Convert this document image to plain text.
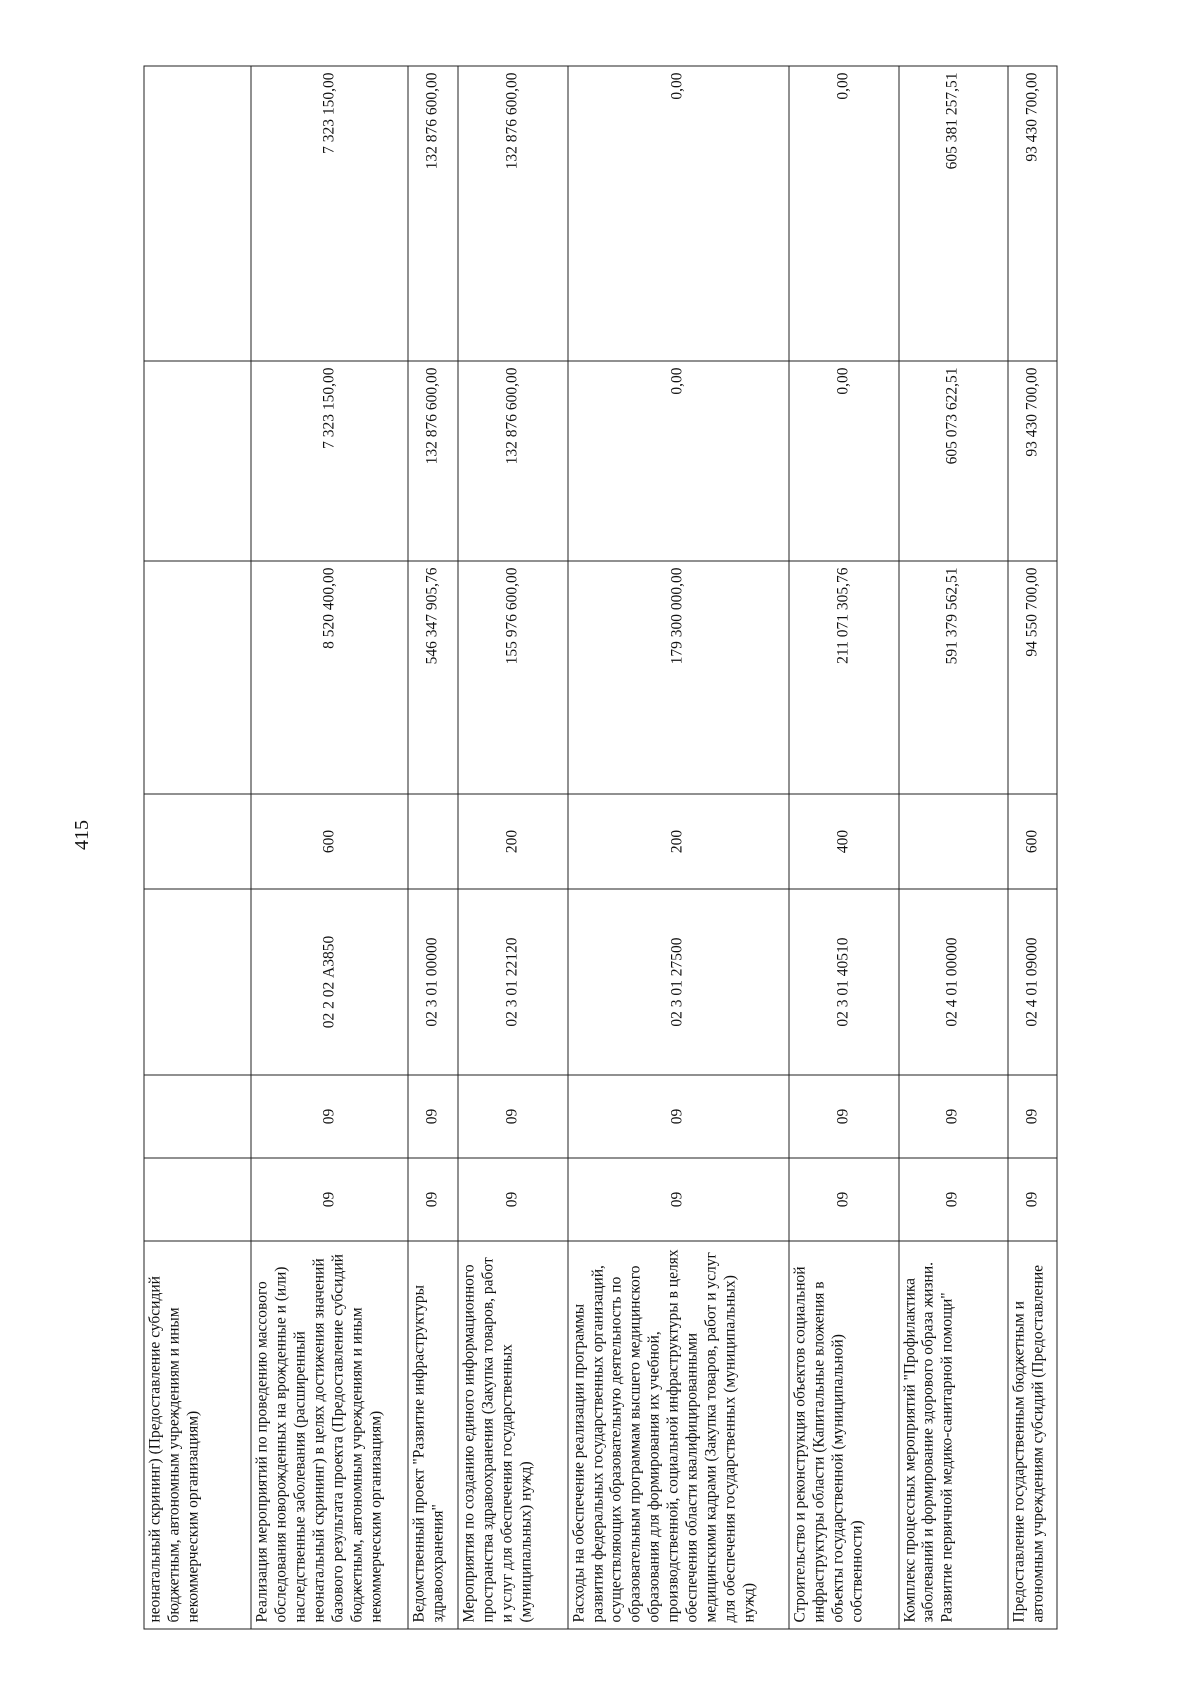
415
неонатальный скрининг) (Предоставление субсидий бюджетным, автономным учреждениям и иным некоммерческим организациям)							
Реализация мероприятий по проведению массового обследования новорожденных на врожденные и (или) наследственные заболевания (расширенный неонатальный скрининг) в целях достижения значений базового результата проекта (Предоставление субсидий бюджетным, автономным учреждениям и иным некоммерческим организациям)	09	09	02 2 02 А3850	600	8 520 400,00	7 323 150,00	7 323 150,00
Ведомственный проект "Развитие инфраструктуры здравоохранения"	09	09	02 3 01 00000		546 347 905,76	132 876 600,00	132 876 600,00
Мероприятия по созданию единого информационного пространства здравоохранения (Закупка товаров, работ и услуг для обеспечения государственных (муниципальных) нужд)	09	09	02 3 01 22120	200	155 976 600,00	132 876 600,00	132 876 600,00
Расходы на обеспечение реализации программы развития федеральных государственных организаций, осуществляющих образовательную деятельность по образовательным программам высшего медицинского образования для формирования их учебной, производственной, социальной инфраструктуры в целях обеспечения области квалифицированными медицинскими кадрами (Закупка товаров, работ и услуг для обеспечения государственных (муниципальных) нужд)	09	09	02 3 01 27500	200	179 300 000,00	0,00	0,00
Строительство и реконструкция объектов социальной инфраструктуры области (Капитальные вложения в объекты государственной (муниципальной) собственности)	09	09	02 3 01 40510	400	211 071 305,76	0,00	0,00
Комплекс процессных мероприятий "Профилактика заболеваний и формирование здорового образа жизни. Развитие первичной медико-санитарной помощи"	09	09	02 4 01 00000		591 379 562,51	605 073 622,51	605 381 257,51
Предоставление государственным бюджетным и автономным учреждениям субсидий (Предоставление	09	09	02 4 01 09000	600	94 550 700,00	93 430 700,00	93 430 700,00
